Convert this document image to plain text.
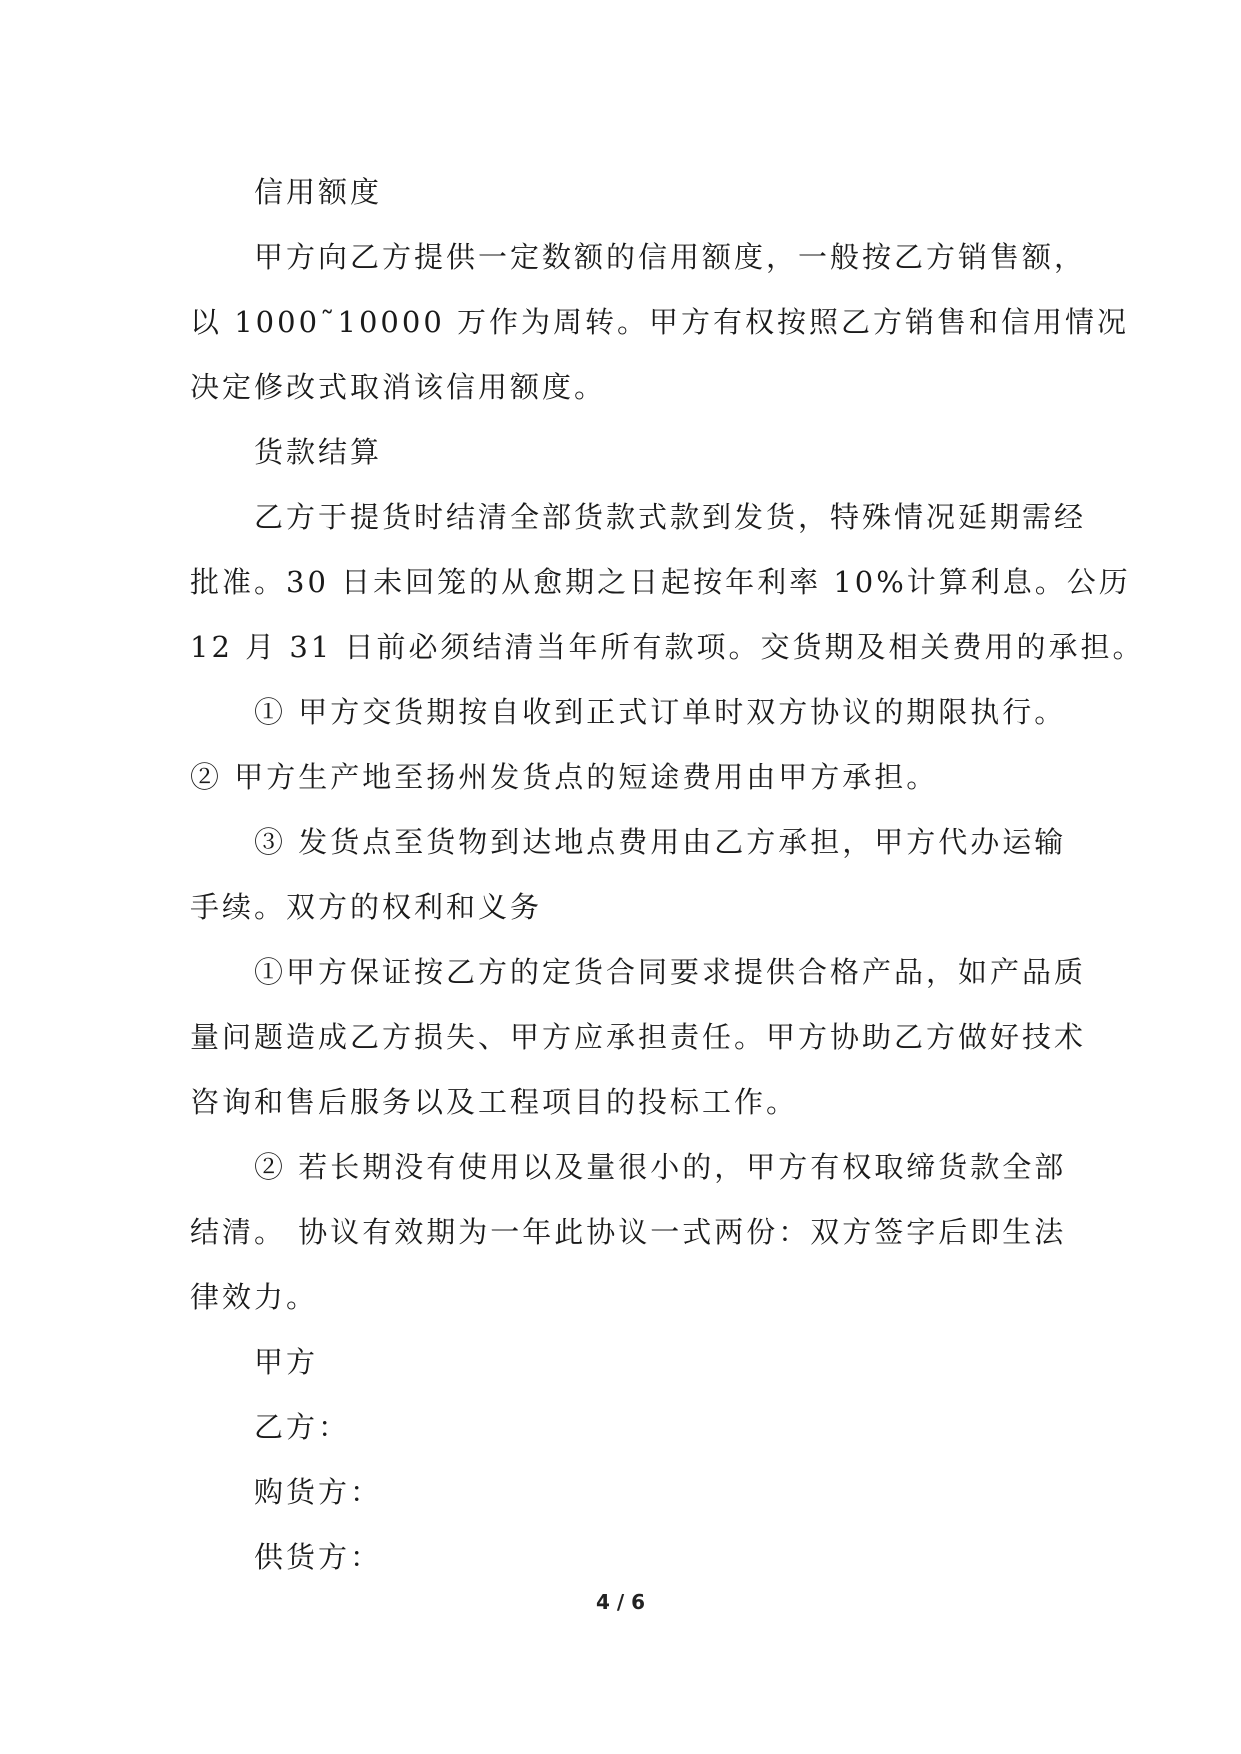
信用额度
甲方向乙方提供一定数额的信用额度，一般按乙方销售额，
以 1000˜10000 万作为周转。甲方有权按照乙方销售和信用情况
决定修改式取消该信用额度。
货款结算
乙方于提货时结清全部货款式款到发货，特殊情况延期需经
批准。30 日未回笼的从愈期之日起按年利率 10%计算利息。公历
12 月 31 日前必须结清当年所有款项。交货期及相关费用的承担。
① 甲方交货期按自收到正式订单时双方协议的期限执行。
② 甲方生产地至扬州发货点的短途费用由甲方承担。
③ 发货点至货物到达地点费用由乙方承担，甲方代办运输
手续。双方的权利和义务
①甲方保证按乙方的定货合同要求提供合格产品，如产品质
量问题造成乙方损失、甲方应承担责任。甲方协助乙方做好技术
咨询和售后服务以及工程项目的投标工作。
② 若长期没有使用以及量很小的，甲方有权取缔货款全部
结清。 协议有效期为一年此协议一式两份：双方签字后即生法
律效力。
甲方
乙方：
购货方：
供货方：
4 / 6
